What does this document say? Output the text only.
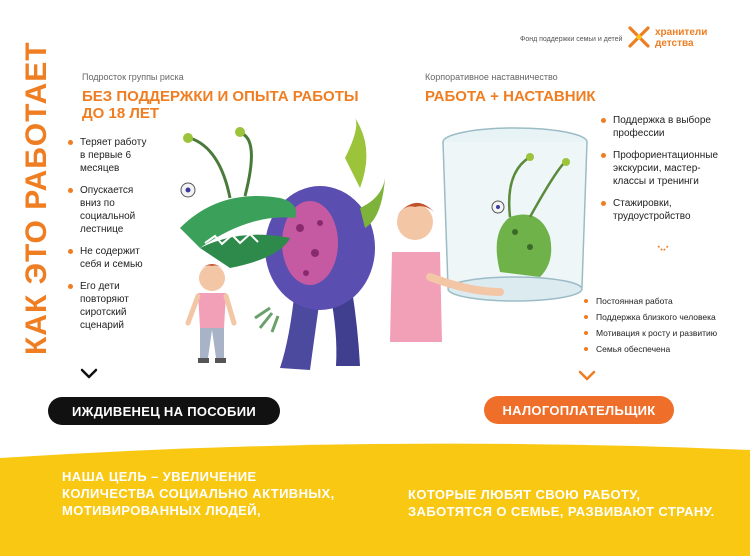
КАК ЭТО РАБОТАЕТ
Фонд поддержки семьи и детей
хранители
детства
Подросток группы риска
БЕЗ ПОДДЕРЖКИ И ОПЫТА РАБОТЫ
ДО 18 ЛЕТ
Теряет работу
в первые 6
месяцев
Опускается
вниз по
социальной
лестнице
Не содержит
себя и семью
Его дети
повторяют
сиротский
сценарий
ИЖДИВЕНЕЦ НА ПОСОБИИ
Корпоративное наставничество
РАБОТА + НАСТАВНИК
Поддержка в выборе
профессии
Профориентационные
экскурсии, мастер-
классы и тренинги
Стажировки,
трудоустройство
Постоянная работа
Поддержка близкого человека
Мотивация к росту и развитию
Семья обеспечена
НАЛОГОПЛАТЕЛЬЩИК
НАША ЦЕЛЬ – УВЕЛИЧЕНИЕ
КОЛИЧЕСТВА СОЦИАЛЬНО АКТИВНЫХ,
МОТИВИРОВАННЫХ ЛЮДЕЙ,
КОТОРЫЕ ЛЮБЯТ СВОЮ РАБОТУ,
ЗАБОТЯТСЯ О СЕМЬЕ, РАЗВИВАЮТ СТРАНУ.
